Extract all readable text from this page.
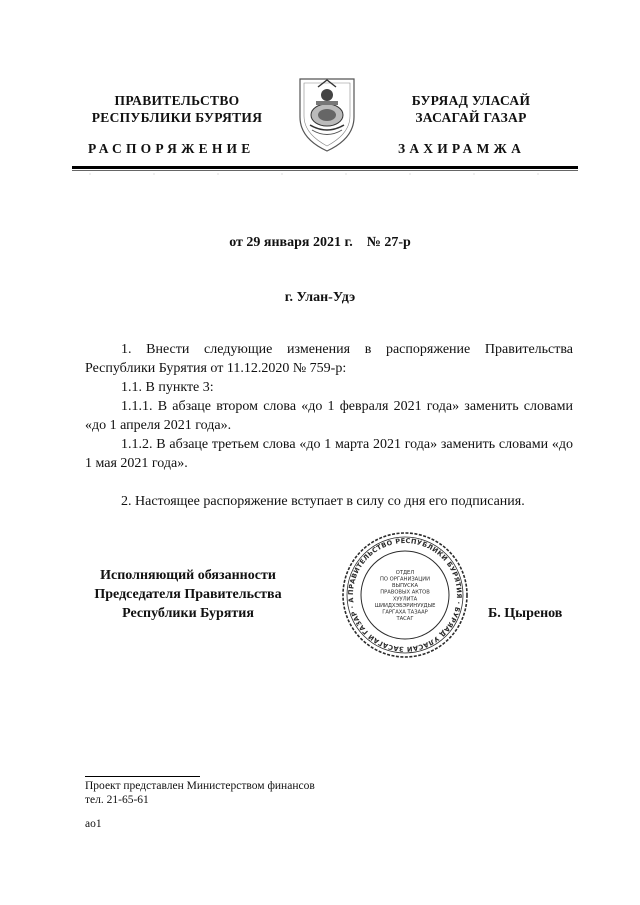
ПРАВИТЕЛЬСТВО
РЕСПУБЛИКИ БУРЯТИЯ
БУРЯАД УЛАСАЙ
ЗАСАГАЙ ГАЗАР
РАСПОРЯЖЕНИЕ	ЗАХИРАМЖА
от 29 января 2021 г.    № 27-р
г. Улан-Удэ

1. Внести следующие изменения в распоряжение Правительства Республики Бурятия от 11.12.2020 № 759-р:

1.1. В пункте 3:

1.1.1. В абзаце втором слова «до 1 февраля 2021 года» заменить словами «до 1 апреля 2021 года».

1.1.2. В абзаце третьем слова «до 1 марта 2021 года» заменить словами «до 1 мая 2021 года».

2. Настоящее распоряжение вступает в силу со дня его подписания.

Исполняющий обязанности
Председателя Правительства
Республики Бурятия
ПРАВИТЕЛЬСТВО РЕСПУБЛИКИ БУРЯТИЯ · БУРЯАД УЛАСАЙ ЗАСАГАЙ ГАЗАР · А
ОТДЕЛ
ПО ОРГАНИЗАЦИИ
ВЫПУСКА
ПРАВОВЫХ АКТОВ
ХУУЛИТА
ШИИДХЭБЭРИНУУДЫЕ
ГАРГАХА ТАЗААР
ТАСАГ	Б. Цыренов
Проект представлен Министерством финансов
тел. 21-65-61
ао1
